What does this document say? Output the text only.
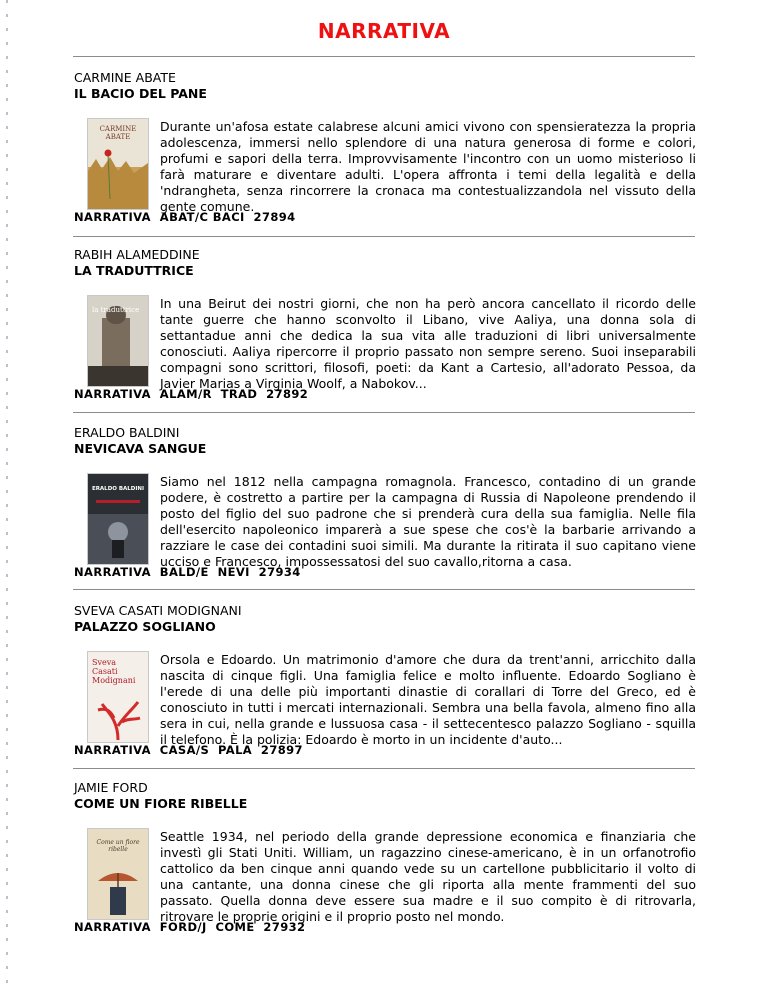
NARRATIVA
CARMINE ABATE
IL BACIO DEL PANE
CARMINE ABATE
Durante un'afosa estate calabrese alcuni amici vivono con spensieratezza la propria adolescenza, immersi nello splendore di una natura generosa di forme e colori, profumi e sapori della terra. Improvvisamente l'incontro con un uomo misterioso li farà maturare e diventare adulti. L'opera affronta i temi della legalità e della 'ndrangheta, senza rincorrere la cronaca ma contestualizzandola nel vissuto della gente comune.
NARRATIVA  ABAT/C BACI  27894
RABIH ALAMEDDINE
LA TRADUTTRICE
la traduttrice	In una Beirut dei nostri giorni, che non ha però ancora cancellato il ricordo delle tante guerre che hanno sconvolto il Libano, vive Aaliya, una donna sola di settantadue anni che dedica la sua vita alle traduzioni di libri universalmente conosciuti. Aaliya ripercorre il proprio passato non sempre sereno. Suoi inseparabili compagni sono scrittori, filosofi, poeti: da Kant a Cartesio, all'adorato Pessoa, da Javier Marias a Virginia Woolf, a Nabokov...
NARRATIVA  ALAM/R  TRAD  27892
ERALDO BALDINI
NEVICAVA SANGUE
ERALDO BALDINI	Siamo nel 1812 nella campagna romagnola. Francesco, contadino di un grande podere, è costretto a partire per la campagna di Russia di Napoleone prendendo il posto del figlio del suo padrone che si prenderà cura della sua famiglia. Nelle fila dell'esercito napoleonico imparerà a sue spese che cos'è la barbarie arrivando a razziare le case dei contadini suoi simili. Ma durante la ritirata il suo capitano viene ucciso e Francesco, impossessatosi del suo cavallo,ritorna a casa.
NARRATIVA  BALD/E  NEVI  27934
SVEVA CASATI MODIGNANI
PALAZZO SOGLIANO
Sveva Casati Modignani
Orsola e Edoardo. Un matrimonio d'amore che dura da trent'anni, arricchito dalla nascita di cinque figli. Una famiglia felice e molto influente. Edoardo Sogliano è l'erede di una delle più importanti dinastie di corallari di Torre del Greco, ed è conosciuto in tutti i mercati internazionali. Sembra una bella favola, almeno fino alla sera in cui, nella grande e lussuosa casa - il settecentesco palazzo Sogliano - squilla il telefono. È la polizia: Edoardo è morto in un incidente d'auto...
NARRATIVA  CASA/S  PALA  27897
JAMIE FORD
COME UN FIORE RIBELLE
Come un fiore ribelle
Seattle 1934, nel periodo della grande depressione economica e finanziaria che investì gli Stati Uniti. William, un ragazzino cinese-americano, è in un orfanotrofio cattolico da ben cinque anni quando vede su un cartellone pubblicitario il volto di una cantante, una donna cinese che gli riporta alla mente frammenti del suo passato. Quella donna deve essere sua madre e il suo compito è di ritrovarla, ritrovare le proprie origini e il proprio posto nel mondo.
NARRATIVA  FORD/J  COME  27932
